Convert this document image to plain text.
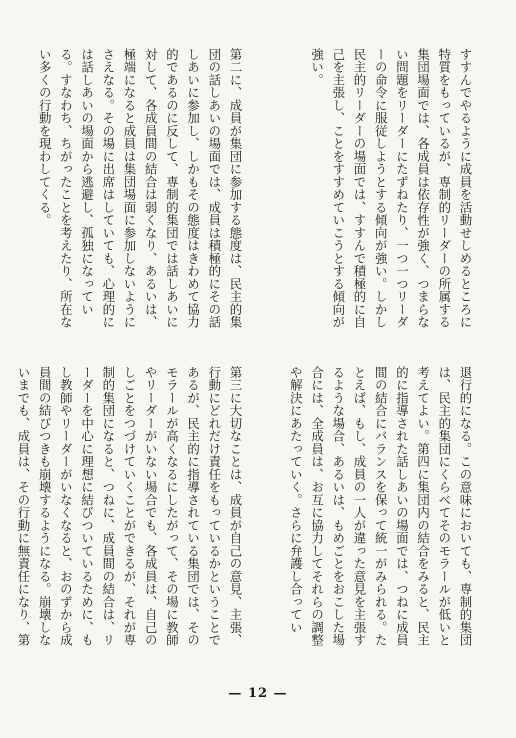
すすんでやるように成員を活動せしめるところに特質をもっているが、専制的リーダーの所属する集団場面では、各成員は依存性が強く、つまらない問題をリーダーにたずねたり、一つ一つリーダーの命令に服従しようとする傾向が強い。しかし民主的リーダーの場面では、すすんで積極的に自己を主張し、ことをすすめていこうとする傾向が強い。

第二に、成員が集団に参加する態度は、民主的集団の話しあいの場面では、成員は積極的にその話しあいに参加し、しかもその態度はきわめて協力的であるのに反して、専制的集団では話しあいに対して、各成員間の結合は弱くなり、あるいは、極端になると成員は集団場面に参加しないようにさえなる。その場に出席はしていても、心理的には話しあいの場面から逃避し、孤独になっている。すなわち、ちがったことを考えたり、所在ない多くの行動を現わしてくる。

退行的になる。この意味においても、専制的集団は、民主的集団にくらべてそのモラールが低いと考えてよい。第四に集団内の結合をみると、民主的に指導された話しあいの場面では、つねに成員間の結合にバランスを保って統一がみられる。たとえば、もし、成員の一人が違った意見を主張するような場合、あるいは、もめごとをおこした場合には、全成員は、お互に協力してそれらの調整や解決にあたっていく。さらに弁護し合ってい

第三に大切なことは、成員が自己の意見、主張、行動にどれだけ責任をもっているかということであるが、民主的に指導されている集団では、そのモラールが高くなるにしたがって、その場に教師やリーダーがいない場合でも、各成員は、自己のしごとをつづけていくことができるが、それが専制的集団になると、つねに、成員間の結合は、リーダーを中心に理想に結びついているために、もし教師やリーダーがいなくなると、おのずから成員間の結びつきも崩壊するようになる。崩壊しないまでも、成員は、その行動に無責任になり、第

— 12 —
